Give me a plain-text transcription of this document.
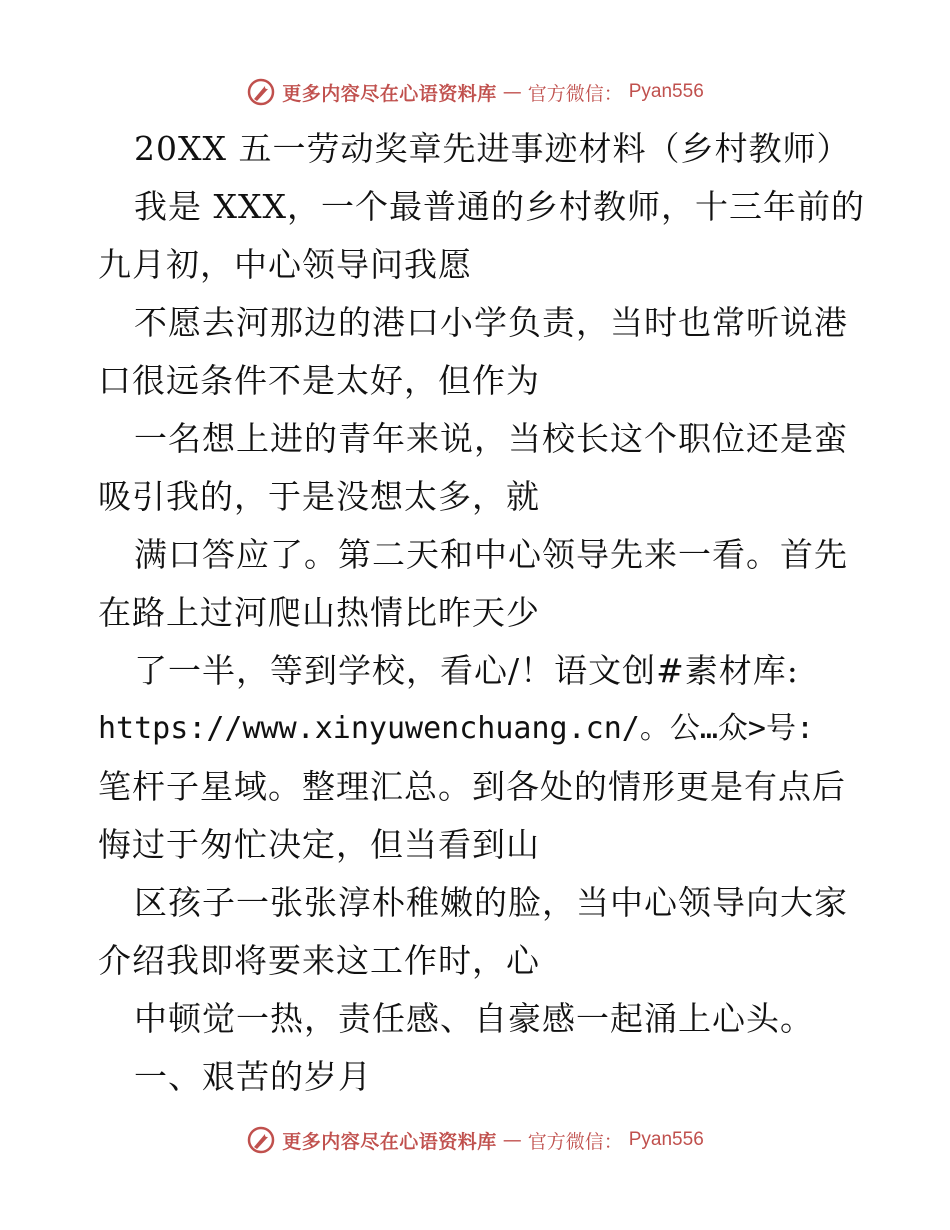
更多内容尽在心语资料库 — 官方微信： Pyan556
20XX 五一劳动奖章先进事迹材料（乡村教师）
我是 XXX，一个最普通的乡村教师，十三年前的
九月初，中心领导问我愿
不愿去河那边的港口小学负责，当时也常听说港
口很远条件不是太好，但作为
一名想上进的青年来说，当校长这个职位还是蛮
吸引我的，于是没想太多，就
满口答应了。第二天和中心领导先来一看。首先
在路上过河爬山热情比昨天少
了一半，等到学校，看心/！语文创#素材库:
https://www.xinyuwenchuang.cn/。公…众>号:
笔杆子星域。整理汇总。到各处的情形更是有点后
悔过于匆忙决定，但当看到山
区孩子一张张淳朴稚嫩的脸，当中心领导向大家
介绍我即将要来这工作时，心
中顿觉一热，责任感、自豪感一起涌上心头。
一、艰苦的岁月
更多内容尽在心语资料库 — 官方微信： Pyan556
